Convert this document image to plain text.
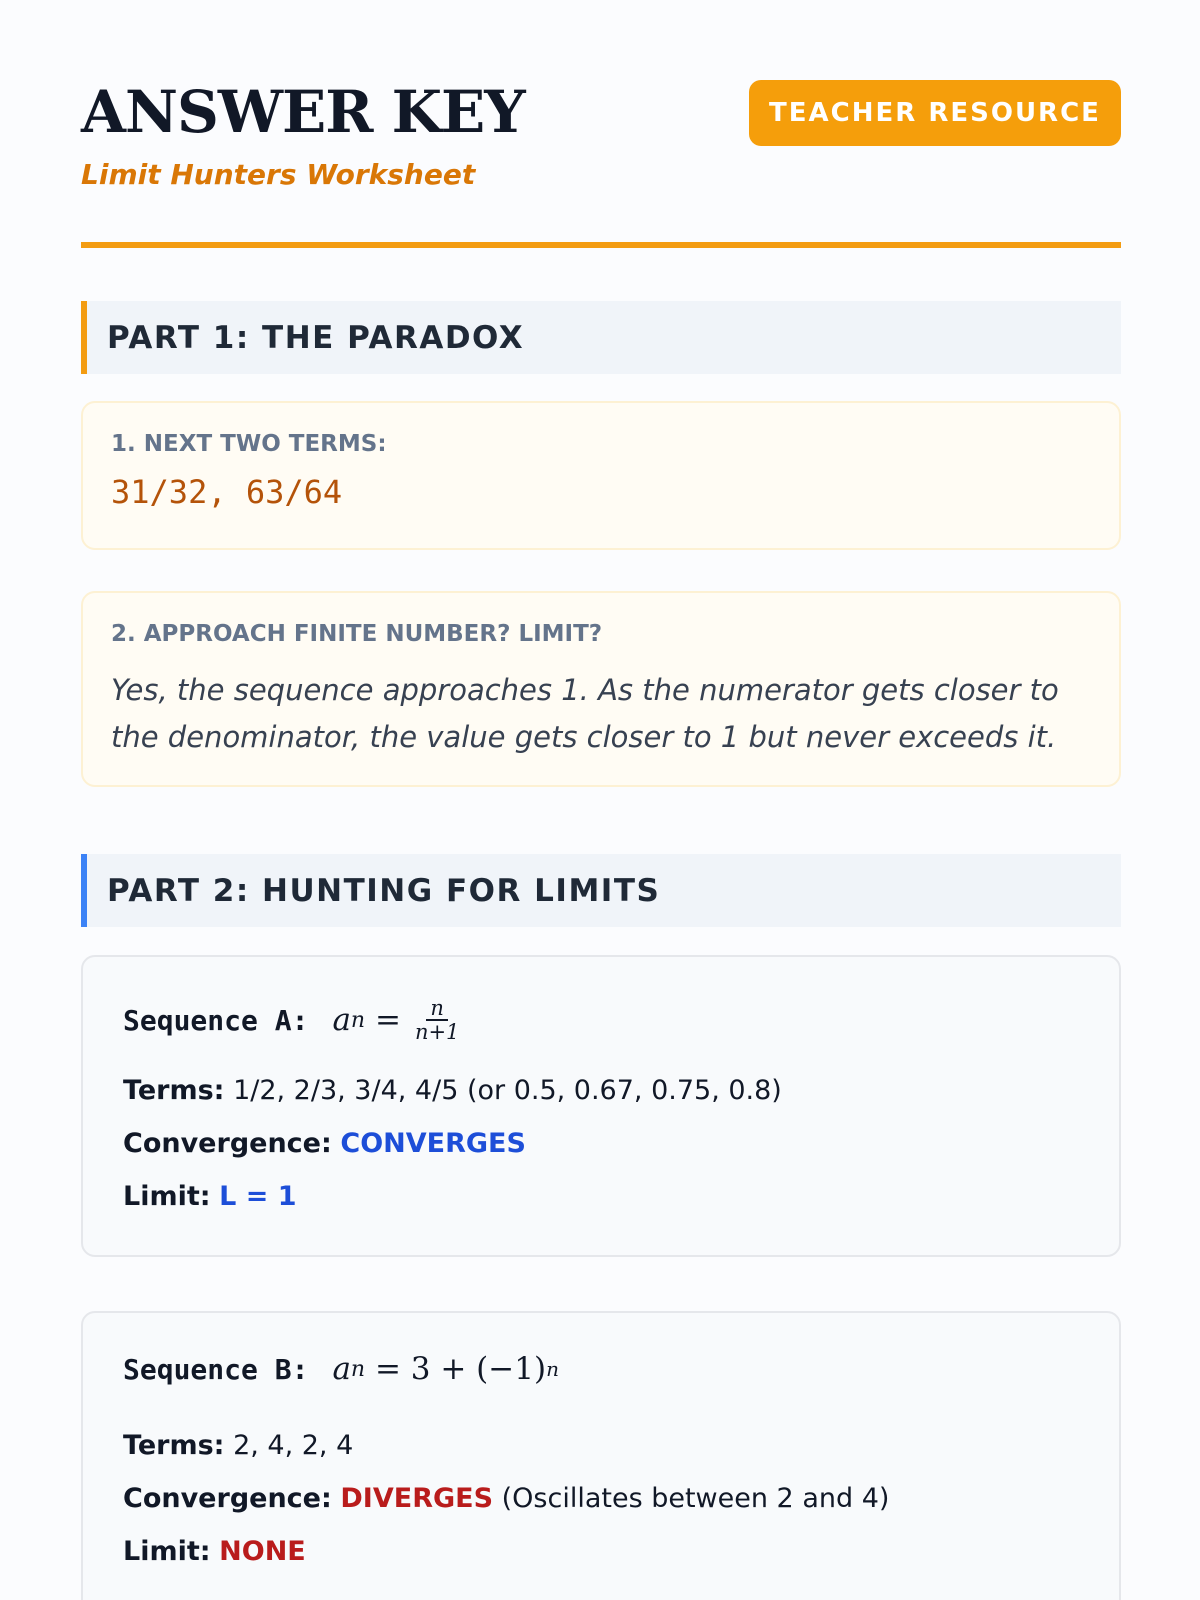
ANSWER KEY
Limit Hunters Worksheet
TEACHER RESOURCE
PART 1: THE PARADOX
1. NEXT TWO TERMS:
31/32, 63/64
2. APPROACH FINITE NUMBER? LIMIT?
Yes, the sequence approaches 1. As the numerator gets closer to the denominator, the value gets closer to 1 but never exceeds it.
PART 2: HUNTING FOR LIMITS
Sequence A: a $n = \frac{n}{n+1}$
Terms: 1/2, 2/3, 3/4, 4/5 (or 0.5, 0.67, 0.75, 0.8)
Convergence: CONVERGES
Limit: L = 1
Sequence B: a n = 3 + (−1) n
Terms: 2, 4, 2, 4
Convergence: DIVERGES (Oscillates between 2 and 4)
Limit: NONE
